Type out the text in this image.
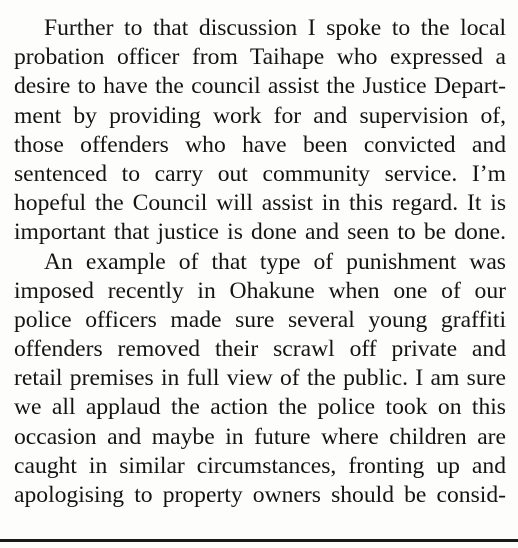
Further to that discussion I spoke to the local
probation officer from Taihape who expressed a
desire to have the council assist the Justice Depart-
ment by providing work for and supervision of,
those offenders who have been convicted and
sentenced to carry out community service. I’m
hopeful the Council will assist in this regard. It is
important that justice is done and seen to be done.
An example of that type of punishment was
imposed recently in Ohakune when one of our
police officers made sure several young graffiti
offenders removed their scrawl off private and
retail premises in full view of the public. I am sure
we all applaud the action the police took on this
occasion and maybe in future where children are
caught in similar circumstances, fronting up and
apologising to property owners should be consid-
